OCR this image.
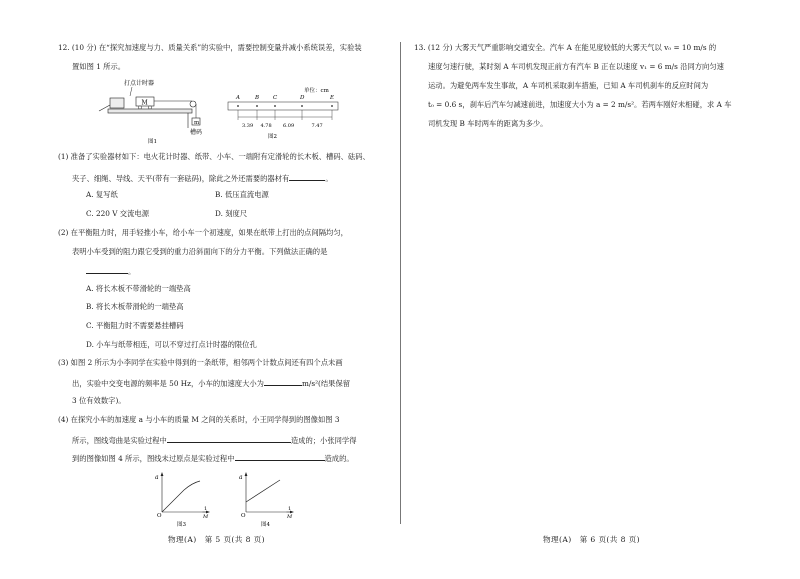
12. (10 分) 在“探究加速度与力、质量关系”的实验中，需要控制变量并减小系统误差，实验装
置如图 1 所示。
打点计时器
M
m
槽码
图1
单位：cm
A	B	C	D	E
3.39 4.78 6.09	7.47
图2
(1) 准备了实验器材如下：电火花计时器、纸带、小车、一端附有定滑轮的长木板、槽码、砝码、
夹子、细绳、导线、天平(带有一套砝码)，除此之外还需要的器材有	。
A. 复写纸	B. 低压直流电源
C. 220 V 交流电源	D. 刻度尺
(2) 在平衡阻力时，用手轻推小车，给小车一个初速度，如果在纸带上打出的点间隔均匀，
表明小车受到的阻力跟它受到的重力沿斜面向下的分力平衡。下列做法正确的是
。
A. 将长木板不带滑轮的一端垫高
B. 将长木板带滑轮的一端垫高
C. 平衡阻力时不需要悬挂槽码
D. 小车与纸带相连，可以不穿过打点计时器的限位孔
(3) 如图 2 所示为小李同学在实验中得到的一条纸带，相邻两个计数点间还有四个点未画
出，实验中交变电源的频率是 50 Hz，小车的加速度大小为	m/s²(结果保留
3 位有效数字)。
(4) 在探究小车的加速度 a 与小车的质量 M 之间的关系时，小王同学得到的图像如图 3
所示，图线弯曲是实验过程中	造成的；小张同学得
到的图像如图 4 所示，图线未过原点是实验过程中	造成的。
a
O
1
M
图3
a
O
1
M
图4
物理(A)　第 5 页(共 8 页)
13. (12 分) 大雾天气严重影响交通安全。汽车 A 在能见度较低的大雾天气以 v₀ = 10 m/s 的
速度匀速行驶，某时刻 A 车司机发现正前方有汽车 B 正在以速度 v₁ = 6 m/s 沿同方向匀速
运动。为避免两车发生事故，A 车司机采取刹车措施，已知 A 车司机刹车的反应时间为
t₀ = 0.6 s，刹车后汽车匀减速前进，加速度大小为 a = 2 m/s²。若两车刚好未相碰，求 A 车
司机发现 B 车时两车的距离为多少。
物理(A)　第 6 页(共 8 页)
